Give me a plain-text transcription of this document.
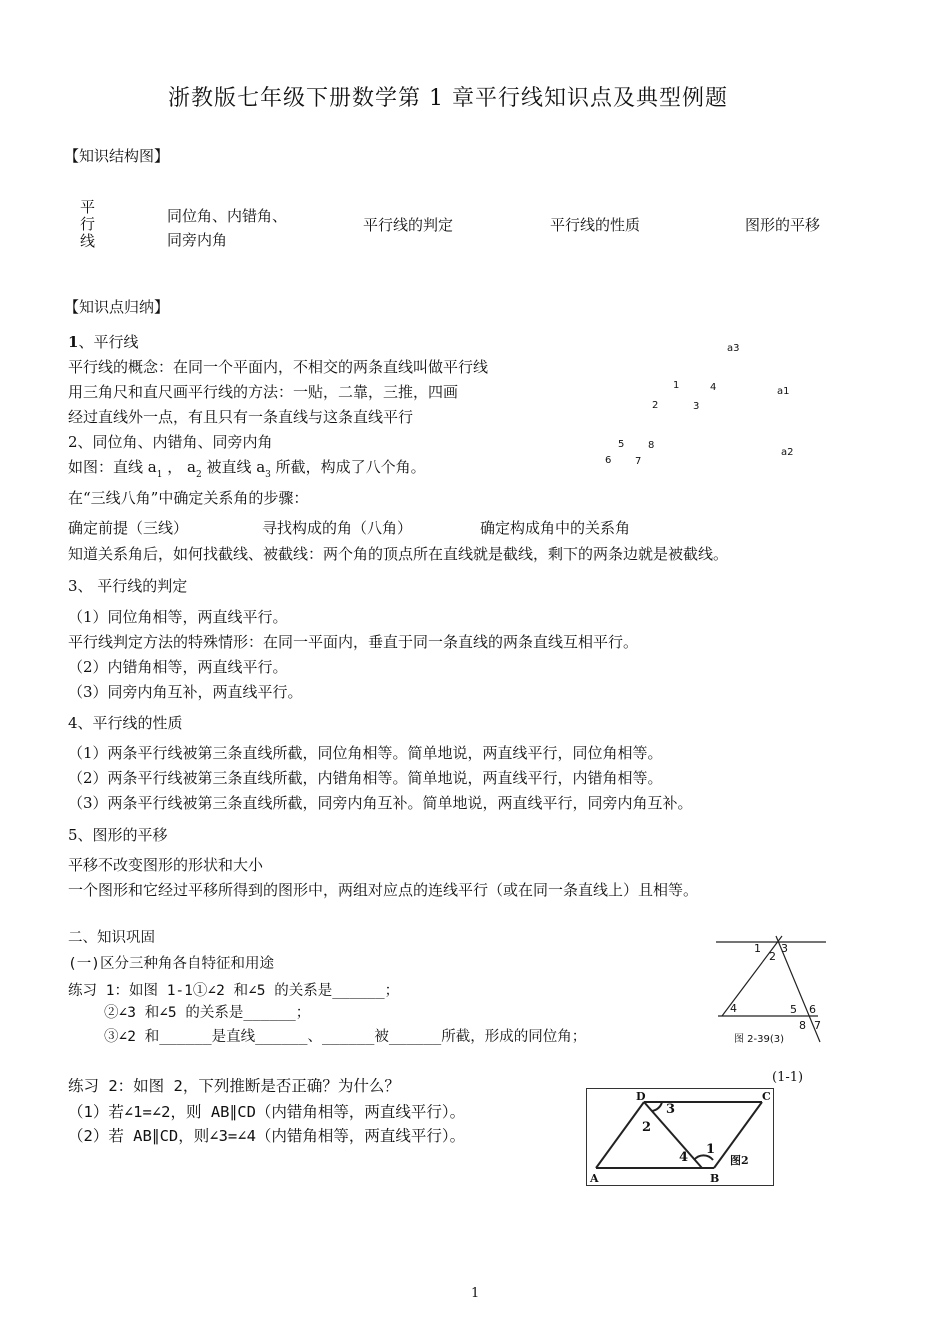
浙教版七年级下册数学第 1 章平行线知识点及典型例题
【知识结构图】
平
行
线
同位角、内错角、
同旁内角
平行线的判定	平行线的性质	图形的平移
【知识点归纳】
1、平行线
平行线的概念：在同一个平面内，不相交的两条直线叫做平行线
用三角尺和直尺画平行线的方法：一贴，二靠，三推，四画
经过直线外一点，有且只有一条直线与这条直线平行
2、同位角、内错角、同旁内角
如图：直线 $a_1$ ， $a_2$ 被直线 $a_3$ 所截，构成了八个角。
在“三线八角”中确定关系角的步骤：
确定前提（三线）	寻找构成的角（八角）	确定构成角中的关系角
知道关系角后，如何找截线、被截线：两个角的顶点所在直线就是截线，剩下的两条边就是被截线。
a3
a1
a2
1	4
2	3
5 8
6 7
3、 平行线的判定
（1）同位角相等，两直线平行。
平行线判定方法的特殊情形：在同一平面内，垂直于同一条直线的两条直线互相平行。
（2）内错角相等，两直线平行。
（3）同旁内角互补，两直线平行。
4、平行线的性质
（1）两条平行线被第三条直线所截，同位角相等。简单地说，两直线平行，同位角相等。
（2）两条平行线被第三条直线所截，内错角相等。简单地说，两直线平行，内错角相等。
（3）两条平行线被第三条直线所截，同旁内角互补。简单地说，两直线平行，同旁内角互补。
5、图形的平移
平移不改变图形的形状和大小
一个图形和它经过平移所得到的图形中，两组对应点的连线平行（或在同一条直线上）且相等。
二、知识巩固
(一)区分三种角各自特征和用途
练习 1：如图 1-1①∠2 和∠5 的关系是______；
②∠3 和∠5 的关系是______；
③∠2 和______是直线______、______被______所截，形成的同位角；
练习 2：如图 2，下列推断是否正确？为什么？
（1）若∠1=∠2，则 AB∥CD（内错角相等，两直线平行）。
（2）若 AB∥CD，则∠3=∠4（内错角相等，两直线平行）。
1 3
2
4	5 6
8 7
图 2-39(3)
(1-1)
A	B
C
D
3
2
1
4	图2
1
